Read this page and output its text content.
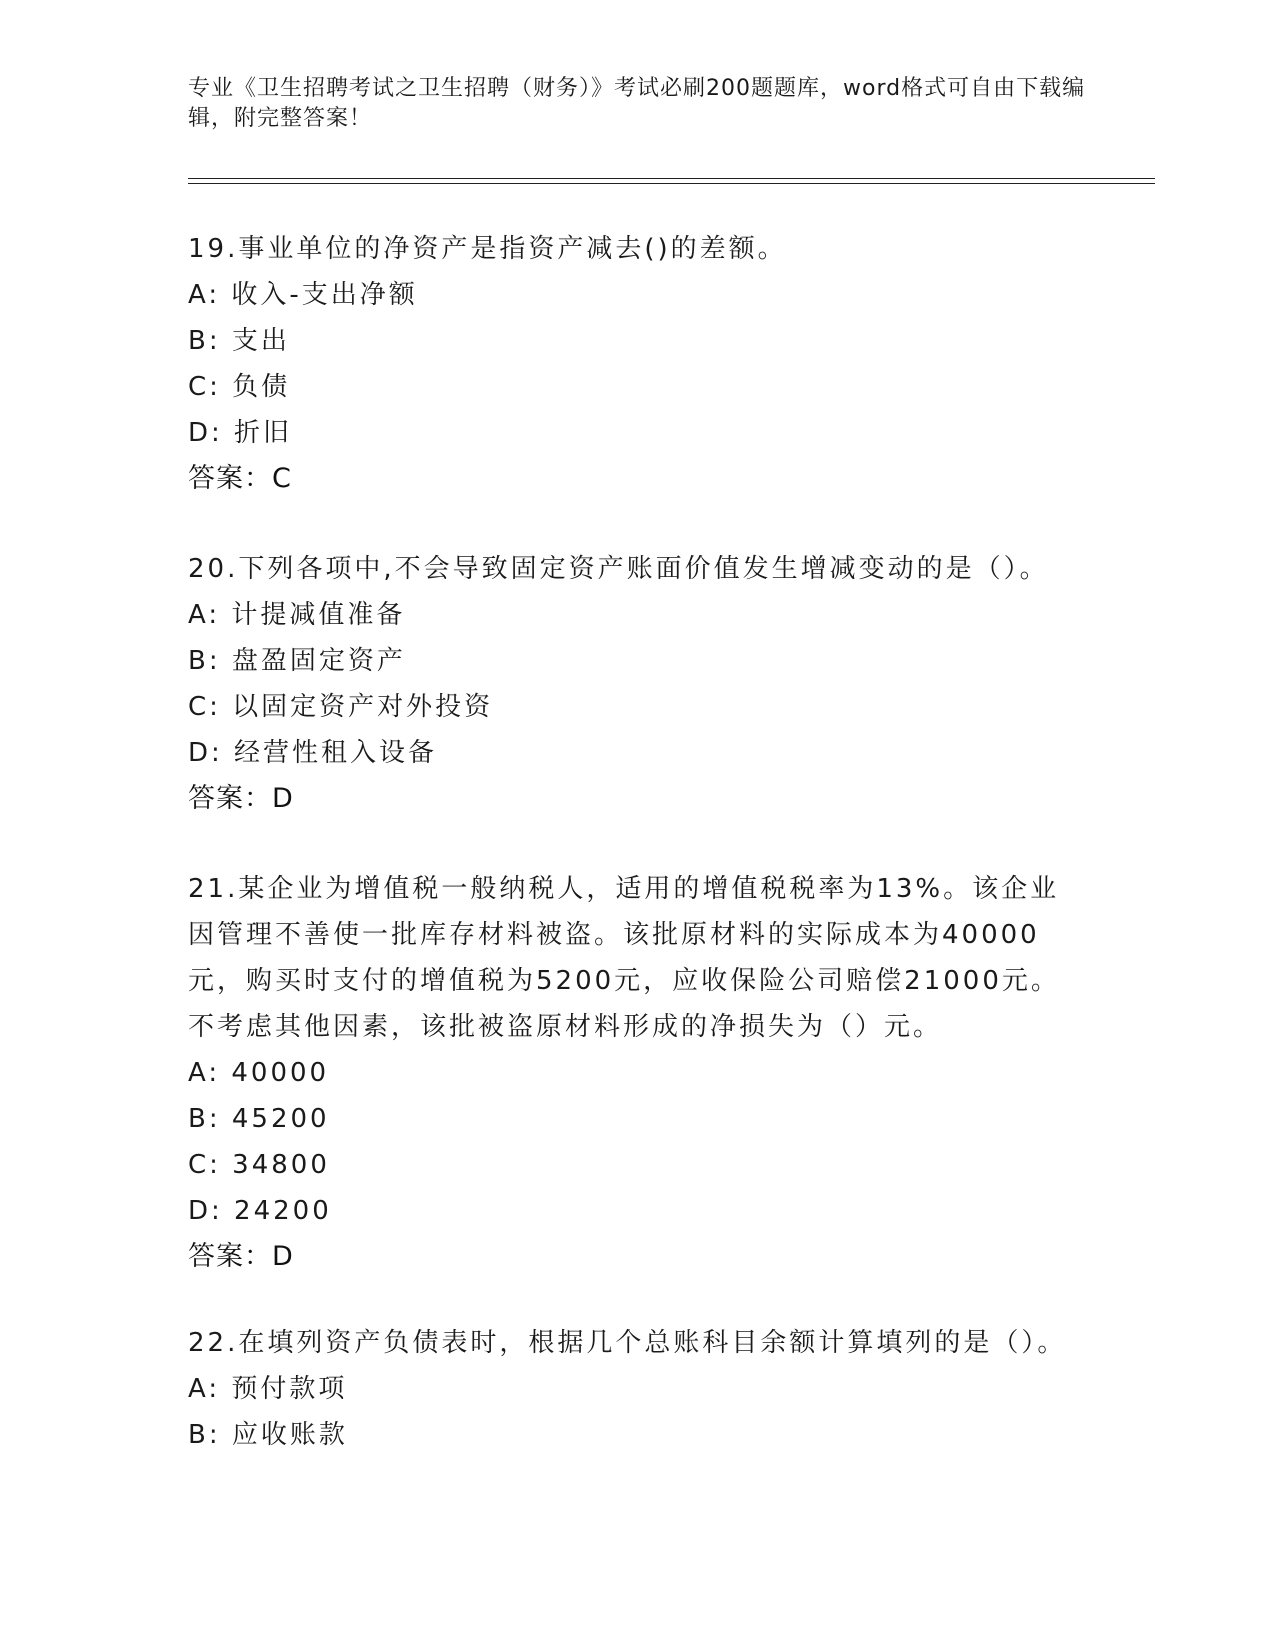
专业《卫生招聘考试之卫生招聘（财务）》考试必刷200题题库，word格式可自由下载编辑，附完整答案！
19.事业单位的净资产是指资产减去()的差额。
A: 收入-支出净额
B: 支出
C: 负债
D: 折旧
答案：C
20.下列各项中,不会导致固定资产账面价值发生增减变动的是（）。
A: 计提减值准备
B: 盘盈固定资产
C: 以固定资产对外投资
D: 经营性租入设备
答案：D
21.某企业为增值税一般纳税人，适用的增值税税率为13%。该企业因管理不善使一批库存材料被盗。该批原材料的实际成本为40000元，购买时支付的增值税为5200元，应收保险公司赔偿21000元。不考虑其他因素，该批被盗原材料形成的净损失为（）元。
A: 40000
B: 45200
C: 34800
D: 24200
答案：D
22.在填列资产负债表时，根据几个总账科目余额计算填列的是（）。
A: 预付款项
B: 应收账款
